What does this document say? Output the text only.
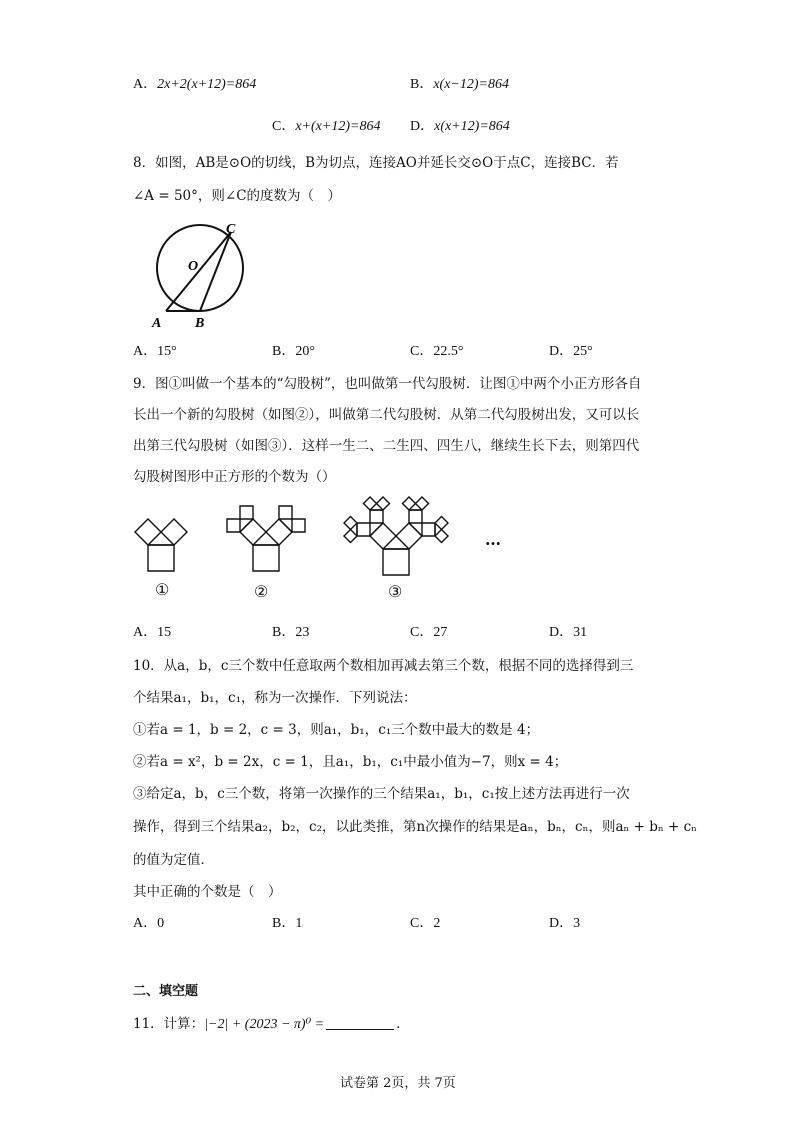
A．2x+2(x+12)=864	B．x(x−12)=864
C．x+(x+12)=864 D．x(x+12)=864
8．如图，AB是⊙O的切线，B为切点，连接AO并延长交⊙O于点C，连接BC．若
∠A = 50°，则∠C的度数为（　）
C
O
A B
A．15°	B．20°	C．22.5°	D．25°
9．图①叫做一个基本的“勾股树”，也叫做第一代勾股树．让图①中两个小正方形各自
长出一个新的勾股树（如图②），叫做第二代勾股树．从第二代勾股树出发，又可以长
出第三代勾股树（如图③）．这样一生二、二生四、四生八，继续生长下去，则第四代
勾股树图形中正方形的个数为（）
①	②	③
…
A．15	B．23	C．27	D．31
10．从a，b，c三个数中任意取两个数相加再减去第三个数，根据不同的选择得到三
个结果a₁，b₁，c₁，称为一次操作．下列说法：
①若a = 1，b = 2，c = 3，则a₁，b₁，c₁三个数中最大的数是 4；
②若a = x²，b = 2x，c = 1，且a₁，b₁，c₁中最小值为−7，则x = 4；
③给定a，b，c三个数，将第一次操作的三个结果a₁，b₁，c₁按上述方法再进行一次
操作，得到三个结果a₂，b₂，c₂，以此类推，第n次操作的结果是aₙ，bₙ，cₙ，则aₙ + bₙ + cₙ
的值为定值．
其中正确的个数是（　）
A．0	B．1	C．2	D．3
二、填空题
11．计算：|−2| + (2023 − π)⁰ =	．
试卷第 2页，共 7页
